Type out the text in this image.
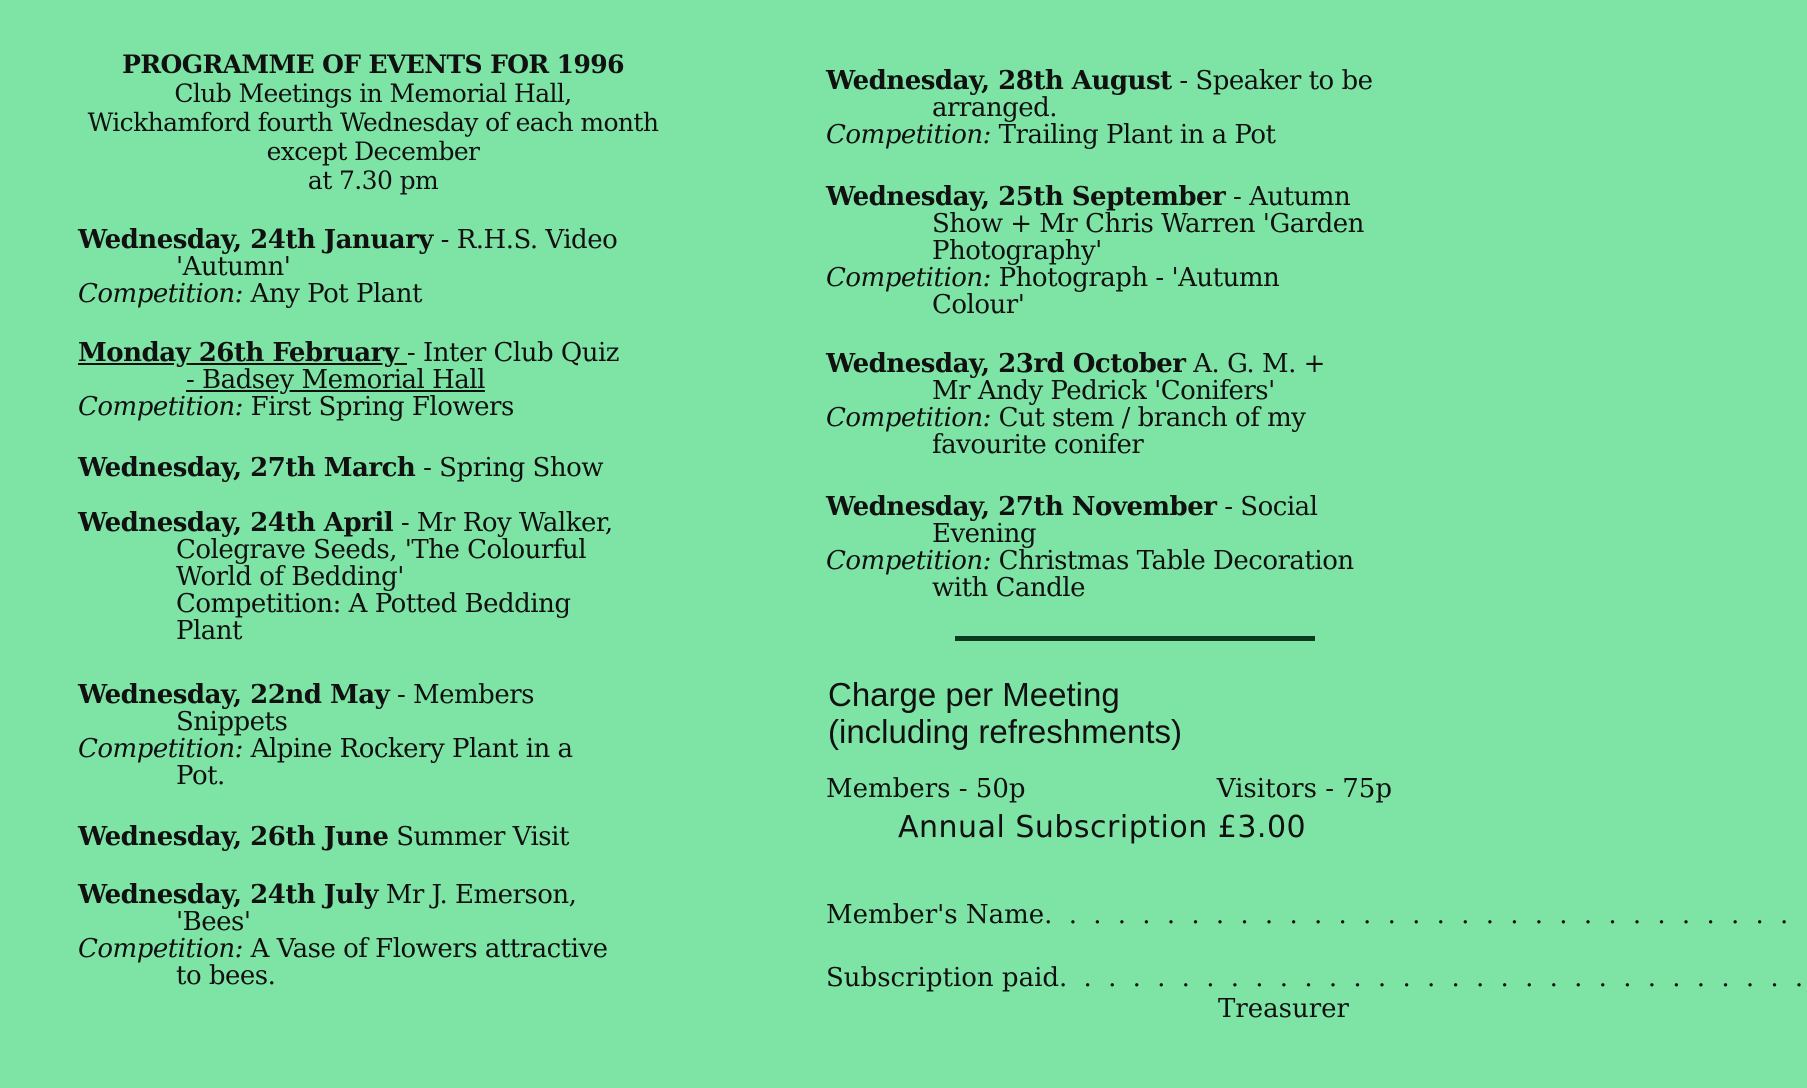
PROGRAMME OF EVENTS FOR 1996
Club Meetings in Memorial Hall,
Wickhamford fourth Wednesday of each month
except December
at 7.30 pm
Wednesday, 24th January - R.H.S. Video
'Autumn'
Competition: Any Pot Plant
Monday 26th February - Inter Club Quiz
- Badsey Memorial Hall
Competition: First Spring Flowers
Wednesday, 27th March - Spring Show
Wednesday, 24th April - Mr Roy Walker,
Colegrave Seeds, 'The Colourful
World of Bedding'
Competition: A Potted Bedding
Plant
Wednesday, 22nd May - Members
Snippets
Competition: Alpine Rockery Plant in a
Pot.
Wednesday, 26th June Summer Visit
Wednesday, 24th July Mr J. Emerson,
'Bees'
Competition: A Vase of Flowers attractive
to bees.
Wednesday, 28th August - Speaker to be
arranged.
Competition: Trailing Plant in a Pot
Wednesday, 25th September - Autumn
Show + Mr Chris Warren 'Garden
Photography'
Competition: Photograph - 'Autumn
Colour'
Wednesday, 23rd October A. G. M. +
Mr Andy Pedrick 'Conifers'
Competition: Cut stem / branch of my
favourite conifer
Wednesday, 27th November - Social
Evening
Competition: Christmas Table Decoration
with Candle
Charge per Meeting
(including refreshments)
Members - 50p	Visitors - 75p
Annual Subscription £3.00
Member's Name . . . . . . . . . . . . . . . . . . . . . . . . . . . . . . .
Subscription paid . . . . . . . . . . . . . . . . . . . . . . . . . . . . . . .
Treasurer
